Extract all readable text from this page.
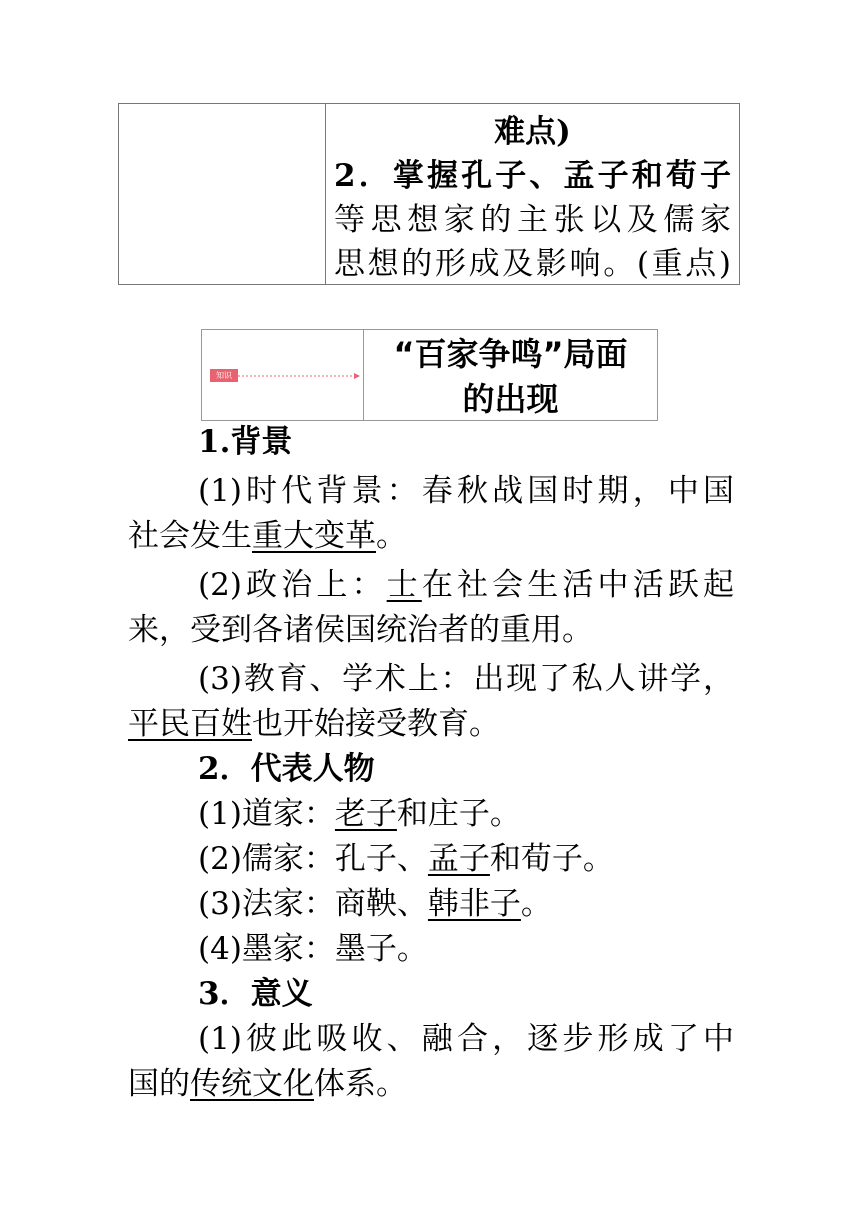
难点)
2．掌握孔子、孟子和荀子
等思想家的主张以及儒家
思想的形成及影响。(重点)
知识
“百家争鸣”局面
的出现
1.背景
(1)时代背景：春秋战国时期，中国
社会发生重大变革。
(2)政治上：士在社会生活中活跃起
来，受到各诸侯国统治者的重用。
(3)教育、学术上：出现了私人讲学，
平民百姓也开始接受教育。
2．代表人物
(1)道家：老子和庄子。
(2)儒家：孔子、孟子和荀子。
(3)法家：商鞅、韩非子。
(4)墨家：墨子。
3．意义
(1)彼此吸收、融合，逐步形成了中
国的传统文化体系。
